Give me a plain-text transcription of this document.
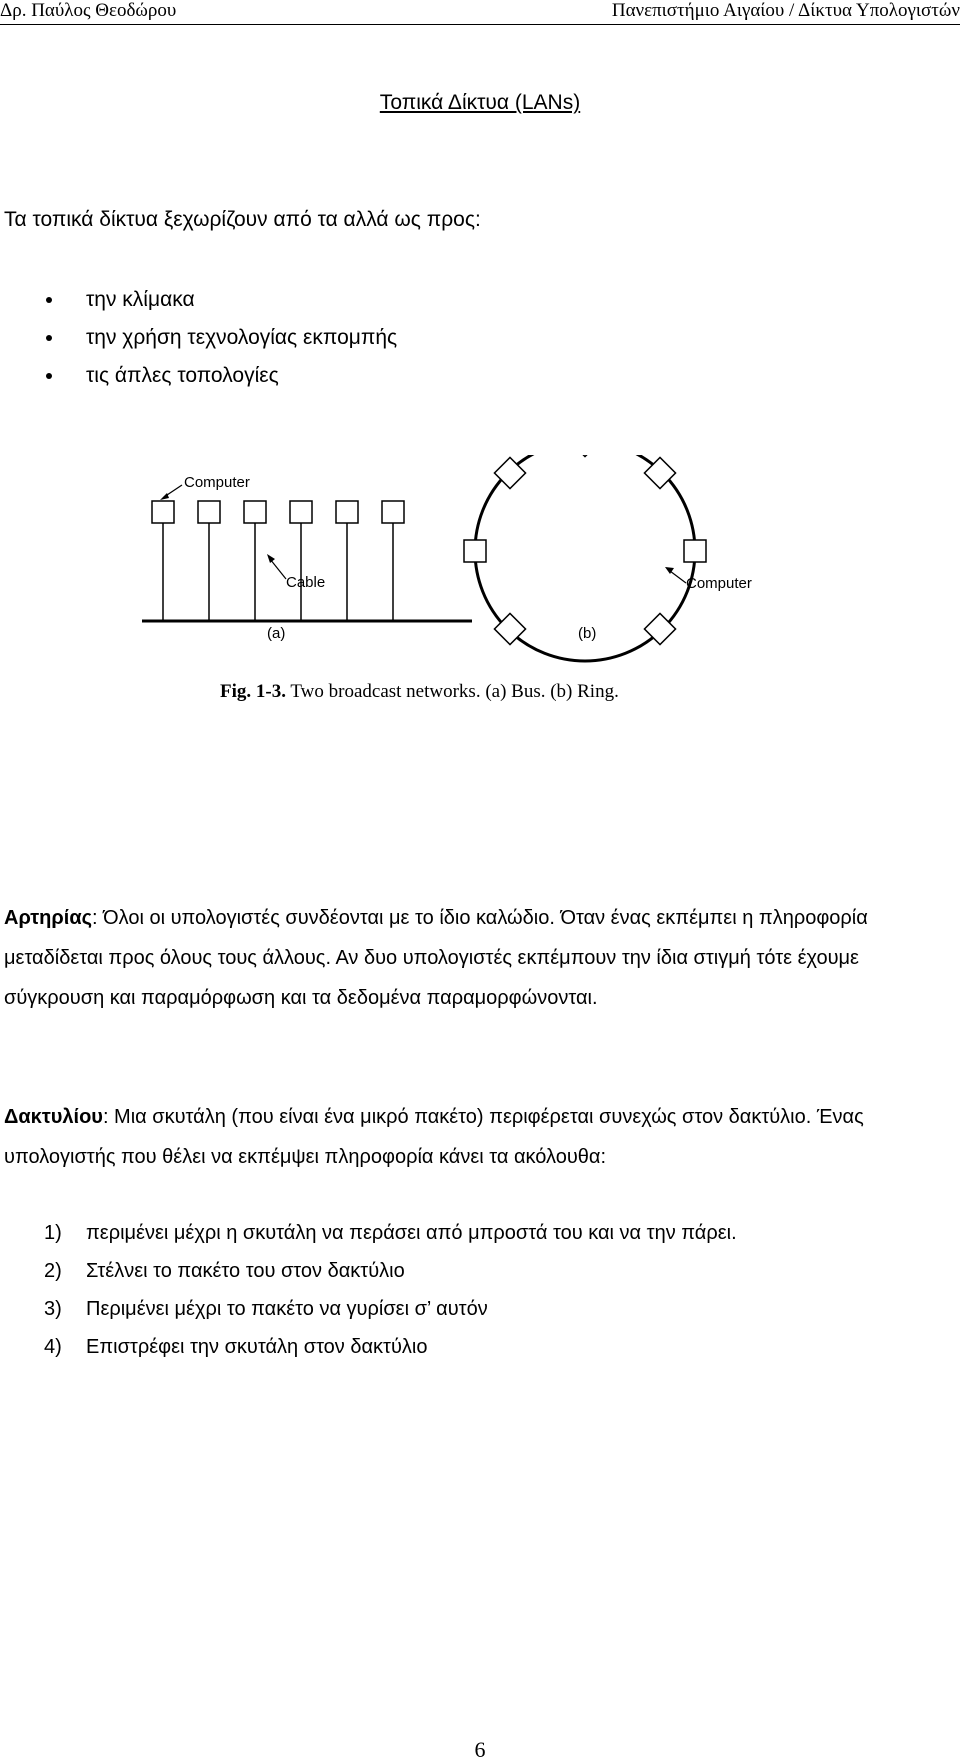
Δρ. Παύλος Θεοδώρου	Πανεπιστήμιο Αιγαίου / Δίκτυα Υπολογιστών
Τοπικά Δίκτυα (LANs)
Τα τοπικά δίκτυα ξεχωρίζουν από τα αλλά ως προς:
την κλίμακα
την χρήση τεχνολογίας εκπομπής
τις άπλες τοπολογίες
Computer
Cable
(a)
Computer
(b)
Fig. 1-3. Two broadcast networks. (a) Bus. (b) Ring.

Αρτηρίας: Όλοι οι υπολογιστές συνδέονται με το ίδιο καλώδιο. Όταν ένας εκπέμπει η πληροφορία μεταδίδεται προς όλους τους άλλους. Αν δυο υπολογιστές εκπέμπουν την ίδια στιγμή τότε έχουμε σύγκρουση και παραμόρφωση και τα δεδομένα παραμορφώνονται.

Δακτυλίου: Μια σκυτάλη (που είναι ένα μικρό πακέτο) περιφέρεται συνεχώς στον δακτύλιο. Ένας υπολογιστής που θέλει να εκπέμψει πληροφορία κάνει τα ακόλουθα:

1) περιμένει μέχρι η σκυτάλη να περάσει από μπροστά του και να την πάρει.
2) Στέλνει το πακέτο του στον δακτύλιο
3) Περιμένει μέχρι το πακέτο να γυρίσει σ’ αυτόν
4) Επιστρέφει την σκυτάλη στον δακτύλιο
6
